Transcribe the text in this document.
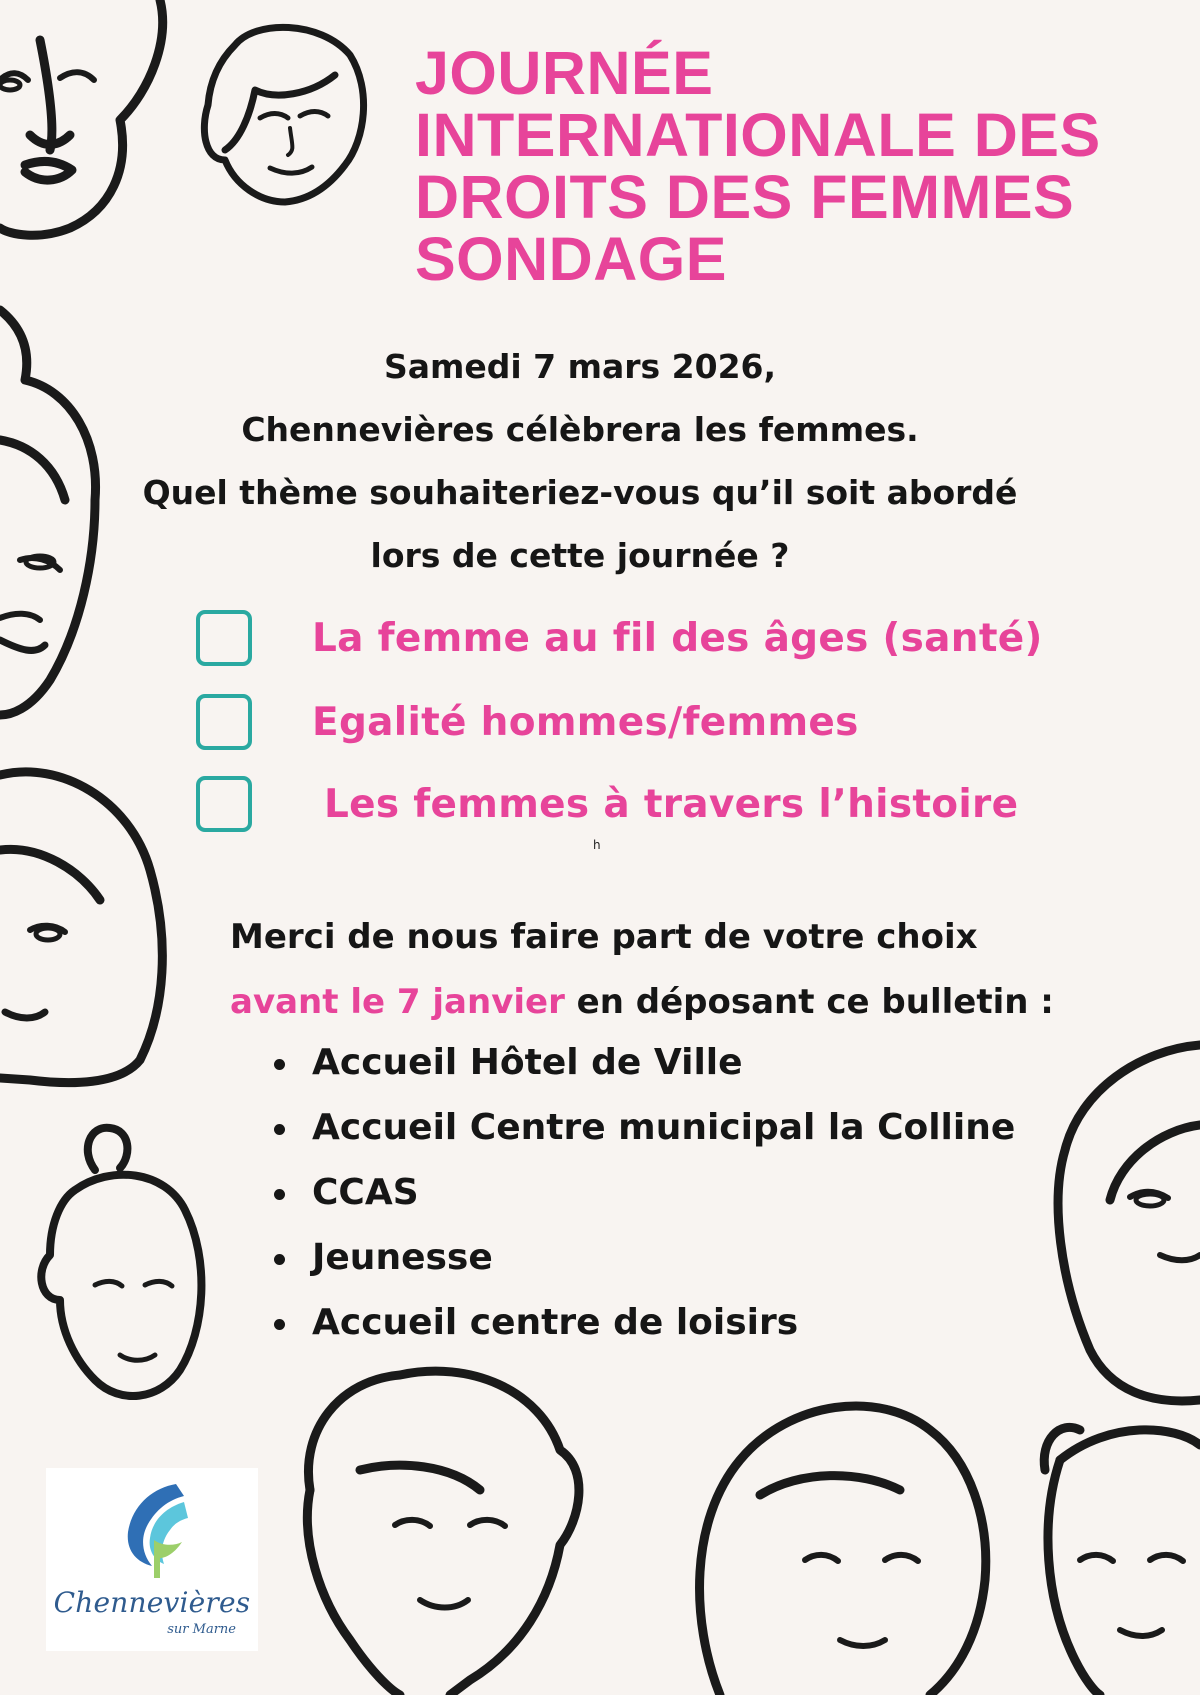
JOURNÉE
INTERNATIONALE DES
DROITS DES FEMMES
SONDAGE
Samedi 7 mars 2026,
Chennevières célèbrera les femmes.
Quel thème souhaiteriez-vous qu’il soit abordé
lors de cette journée ?
La femme au fil des âges (santé)
Egalité hommes/femmes
Les femmes à travers l’histoire
h
Merci de nous faire part de votre choix
avant le 7 janvier en déposant ce bulletin :
Accueil Hôtel de Ville
Accueil Centre municipal la Colline
CCAS
Jeunesse
Accueil centre de loisirs
Chennevières
sur Marne
